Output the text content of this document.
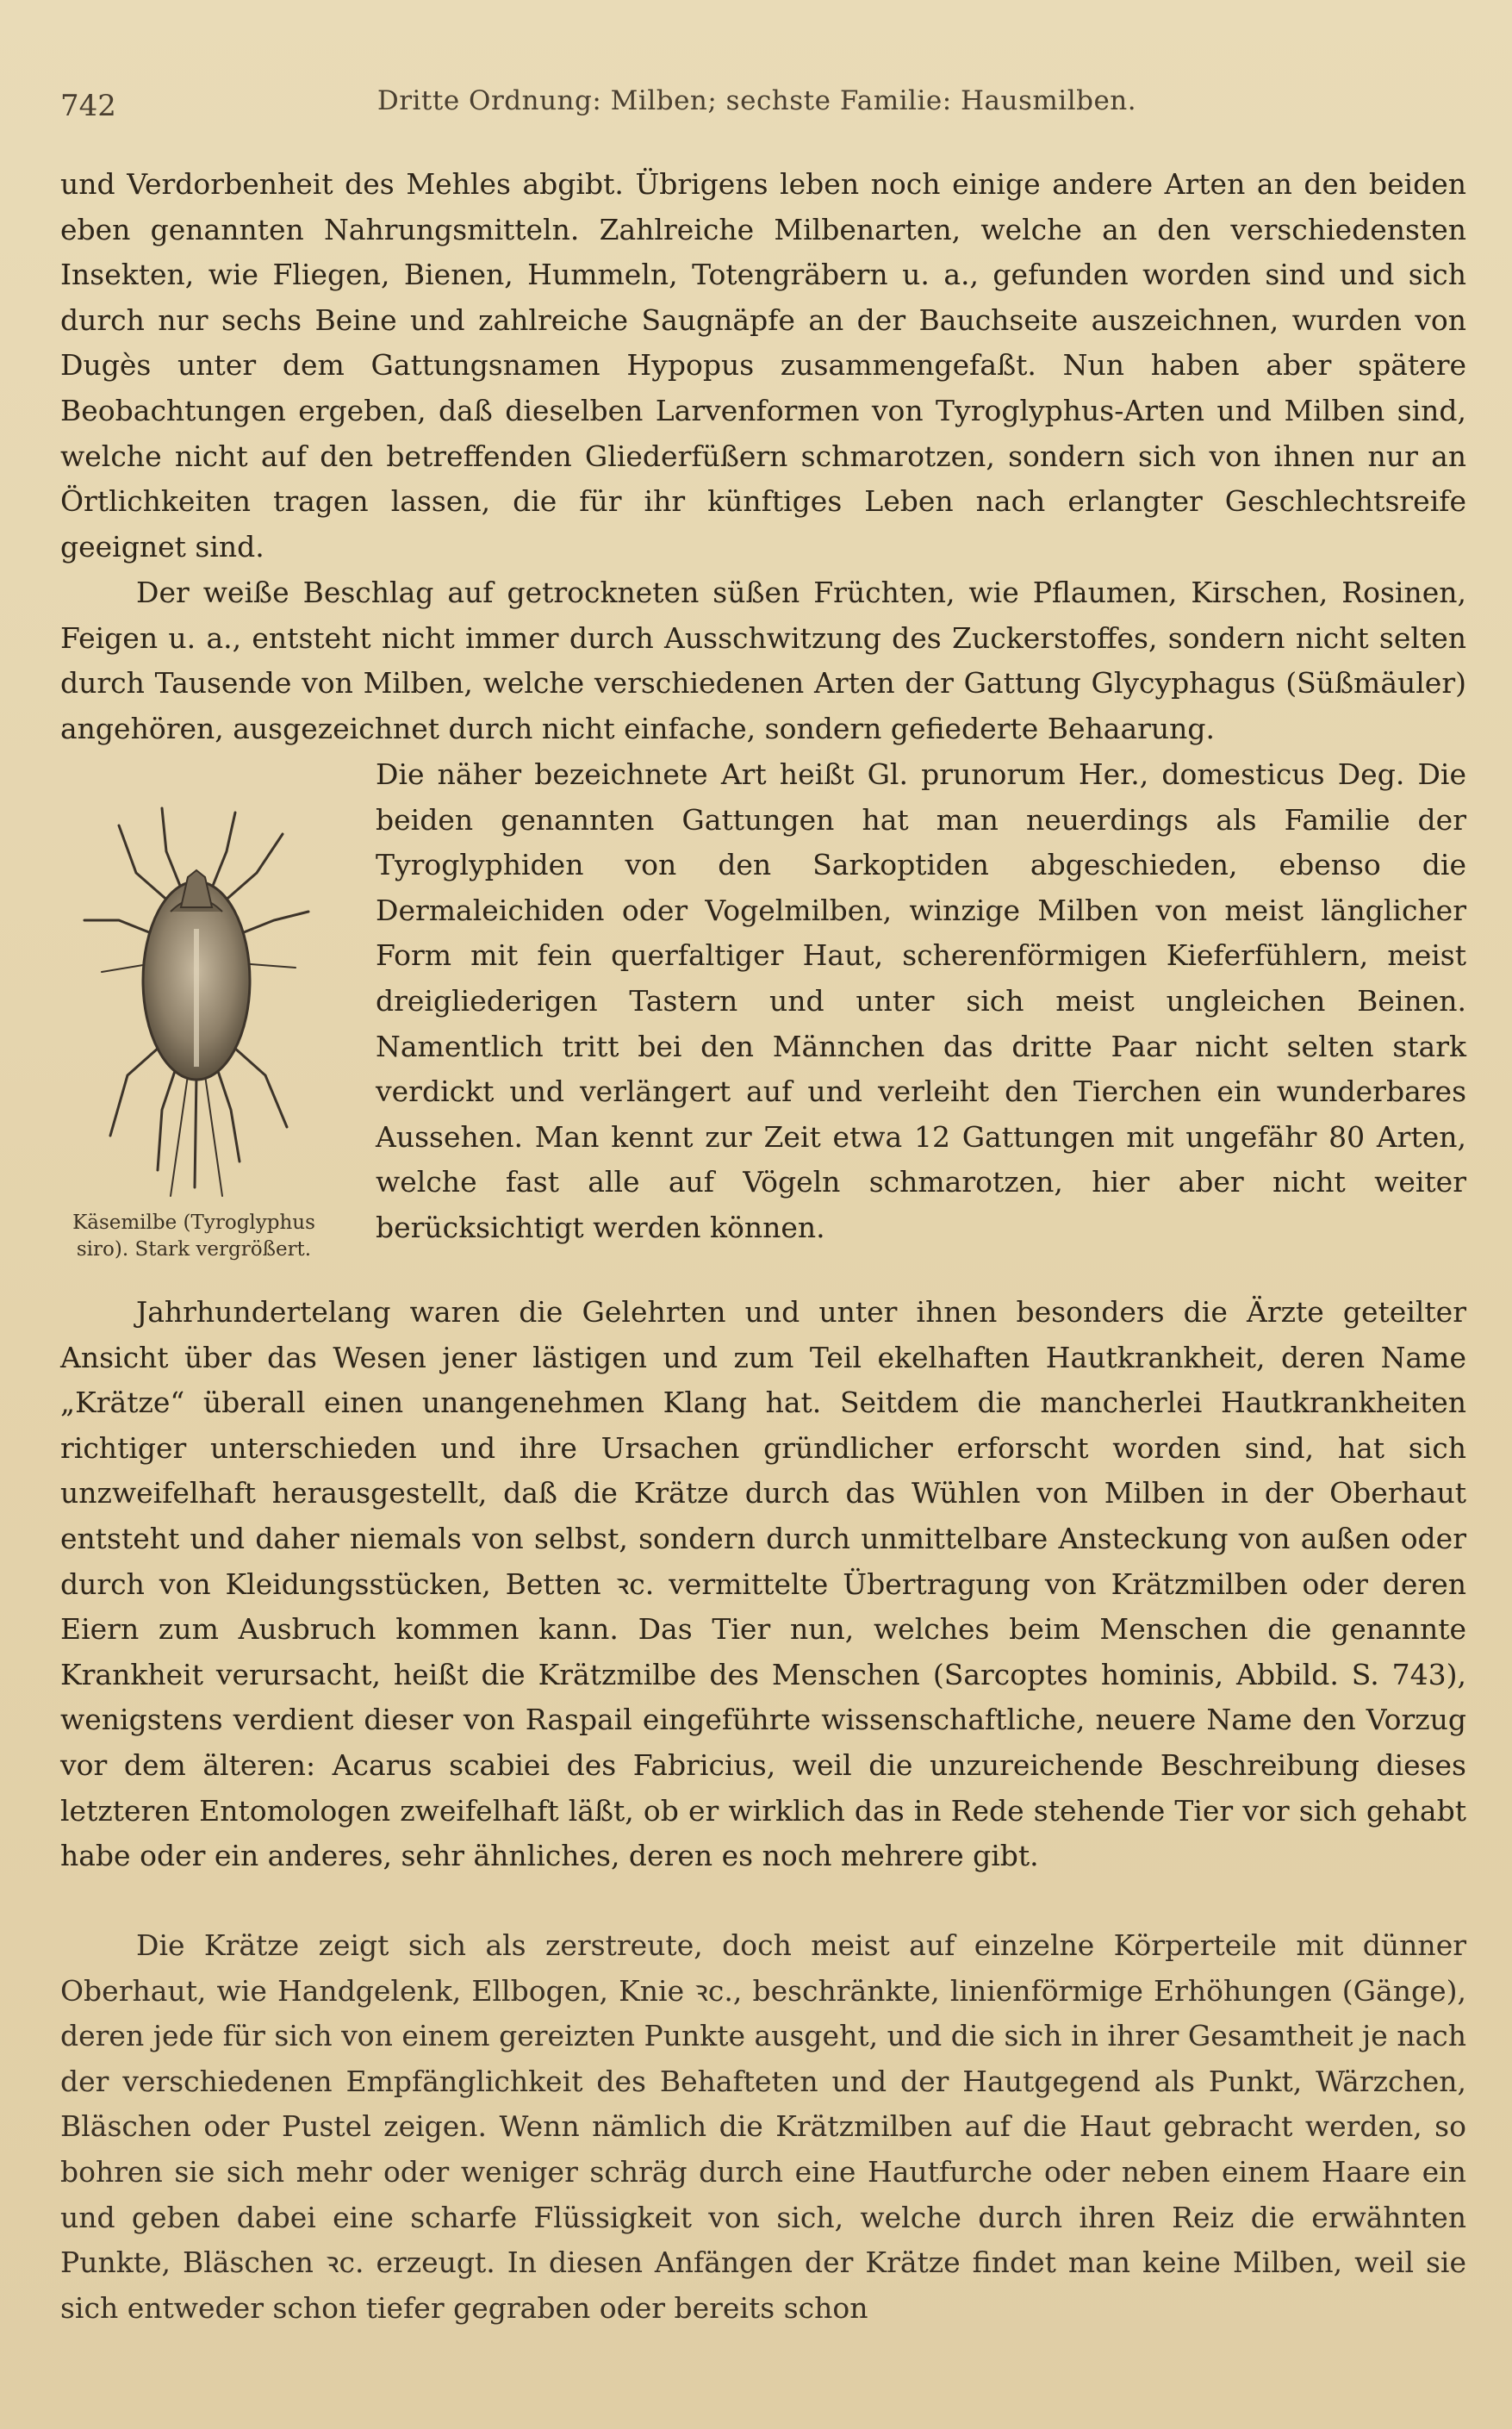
742	Dritte Ordnung: Milben; sechste Familie: Hausmilben.

und Verdorbenheit des Mehles abgibt. Übrigens leben noch einige andere Arten an den beiden eben genannten Nahrungsmitteln. Zahlreiche Milbenarten, welche an den verschiedensten Insekten, wie Fliegen, Bienen, Hummeln, Totengräbern u. a., gefunden worden sind und sich durch nur sechs Beine und zahlreiche Saugnäpfe an der Bauchseite auszeichnen, wurden von Dugès unter dem Gattungsnamen Hypopus zusammengefaßt. Nun haben aber spätere Beobachtungen ergeben, daß dieselben Larvenformen von Tyroglyphus-Arten und Milben sind, welche nicht auf den betreffenden Gliederfüßern schmarotzen, sondern sich von ihnen nur an Örtlichkeiten tragen lassen, die für ihr künftiges Leben nach erlangter Geschlechtsreife geeignet sind.

Der weiße Beschlag auf getrockneten süßen Früchten, wie Pflaumen, Kirschen, Rosinen, Feigen u. a., entsteht nicht immer durch Ausschwitzung des Zuckerstoffes, sondern nicht selten durch Tausende von Milben, welche verschiedenen Arten der Gattung Glycyphagus (Süßmäuler) angehören, ausgezeichnet durch nicht einfache, sondern gefiederte Behaarung.

Käsemilbe (Tyroglyphus siro). Stark vergrößert.

Die näher bezeichnete Art heißt Gl. prunorum Her., domesticus Deg. Die beiden genannten Gattungen hat man neuerdings als Familie der Tyroglyphiden von den Sarkoptiden abgeschieden, ebenso die Dermaleichiden oder Vogelmilben, winzige Milben von meist länglicher Form mit fein querfaltiger Haut, scherenförmigen Kieferfühlern, meist dreigliederigen Tastern und unter sich meist ungleichen Beinen. Namentlich tritt bei den Männchen das dritte Paar nicht selten stark verdickt und verlängert auf und verleiht den Tierchen ein wunderbares Aussehen. Man kennt zur Zeit etwa 12 Gattungen mit ungefähr 80 Arten, welche fast alle auf Vögeln schmarotzen, hier aber nicht weiter berücksichtigt werden können.

Jahrhundertelang waren die Gelehrten und unter ihnen besonders die Ärzte geteilter Ansicht über das Wesen jener lästigen und zum Teil ekelhaften Hautkrankheit, deren Name „Krätze“ überall einen unangenehmen Klang hat. Seitdem die mancherlei Hautkrankheiten richtiger unterschieden und ihre Ursachen gründlicher erforscht worden sind, hat sich unzweifelhaft herausgestellt, daß die Krätze durch das Wühlen von Milben in der Oberhaut entsteht und daher niemals von selbst, sondern durch unmittelbare Ansteckung von außen oder durch von Kleidungsstücken, Betten ꝛc. vermittelte Übertragung von Krätzmilben oder deren Eiern zum Ausbruch kommen kann. Das Tier nun, welches beim Menschen die genannte Krankheit verursacht, heißt die Krätzmilbe des Menschen (Sarcoptes hominis, Abbild. S. 743), wenigstens verdient dieser von Raspail eingeführte wissenschaftliche, neuere Name den Vorzug vor dem älteren: Acarus scabiei des Fabricius, weil die unzureichende Beschreibung dieses letzteren Entomologen zweifelhaft läßt, ob er wirklich das in Rede stehende Tier vor sich gehabt habe oder ein anderes, sehr ähnliches, deren es noch mehrere gibt.

Die Krätze zeigt sich als zerstreute, doch meist auf einzelne Körperteile mit dünner Oberhaut, wie Handgelenk, Ellbogen, Knie ꝛc., beschränkte, linienförmige Erhöhungen (Gänge), deren jede für sich von einem gereizten Punkte ausgeht, und die sich in ihrer Gesamtheit je nach der verschiedenen Empfänglichkeit des Behafteten und der Hautgegend als Punkt, Wärzchen, Bläschen oder Pustel zeigen. Wenn nämlich die Krätzmilben auf die Haut gebracht werden, so bohren sie sich mehr oder weniger schräg durch eine Hautfurche oder neben einem Haare ein und geben dabei eine scharfe Flüssigkeit von sich, welche durch ihren Reiz die erwähnten Punkte, Bläschen ꝛc. erzeugt. In diesen Anfängen der Krätze findet man keine Milben, weil sie sich entweder schon tiefer gegraben oder bereits schon
